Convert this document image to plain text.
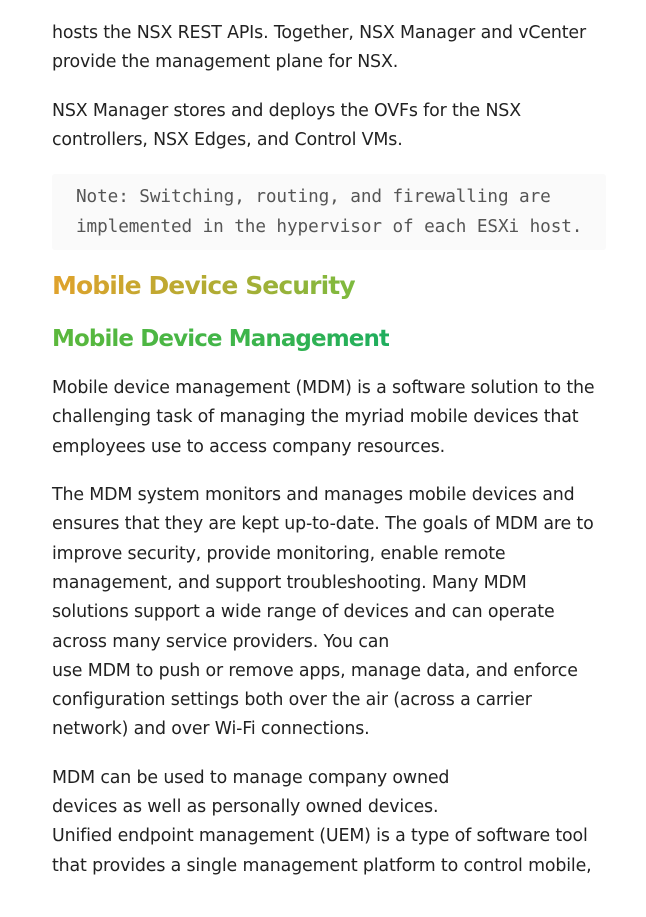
hosts the NSX REST APIs. Together, NSX Manager and vCenter
provide the management plane for NSX.

NSX Manager stores and deploys the OVFs for the NSX
controllers, NSX Edges, and Control VMs.

Note: Switching, routing, and firewalling are
implemented in the hypervisor of each ESXi host.
Mobile Device Security
Mobile Device Management

Mobile device management (MDM) is a software solution to the
challenging task of managing the myriad mobile devices that
employees use to access company resources.

The MDM system monitors and manages mobile devices and
ensures that they are kept up-to-date. The goals of MDM are to
improve security, provide monitoring, enable remote
management, and support troubleshooting. Many MDM
solutions support a wide range of devices and can operate
across many service providers. You can
use MDM to push or remove apps, manage data, and enforce
configuration settings both over the air (across a carrier
network) and over Wi-Fi connections.

MDM can be used to manage company owned
devices as well as personally owned devices.
Unified endpoint management (UEM) is a type of software tool
that provides a single management platform to control mobile,
